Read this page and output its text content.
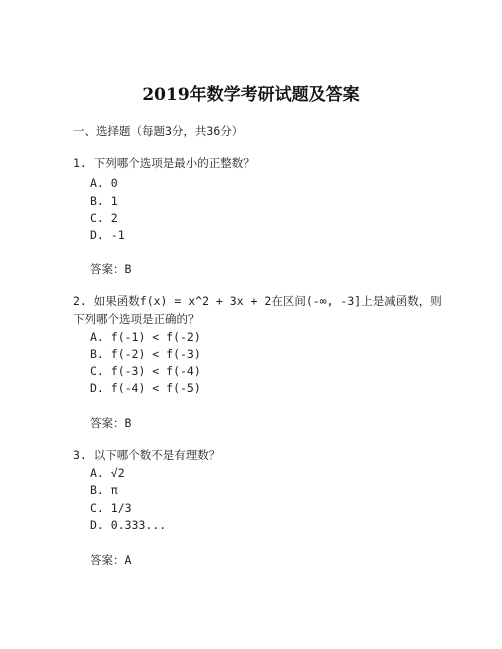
2019年数学考研试题及答案
一、选择题（每题3分，共36分）
1. 下列哪个选项是最小的正整数？
A. 0
B. 1
C. 2
D. -1
答案：B
2. 如果函数f(x) = x^2 + 3x + 2在区间(-∞, -3]上是减函数，则
下列哪个选项是正确的？
A. f(-1) < f(-2)
B. f(-2) < f(-3)
C. f(-3) < f(-4)
D. f(-4) < f(-5)
答案：B
3. 以下哪个数不是有理数？
A. √2
B. π
C. 1/3
D. 0.333...
答案：A
